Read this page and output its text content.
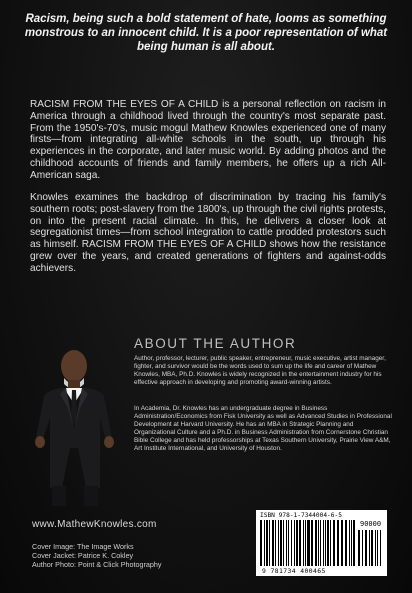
Racism, being such a bold statement of hate, looms as something monstrous to an innocent child. It is a poor representation of what being human is all about.
RACISM FROM THE EYES OF A CHILD is a personal reflection on racism in America through a childhood lived through the country's most separate past. From the 1950's-70's, music mogul Mathew Knowles experienced one of many firsts—from integrating all-white schools in the south, up through his experiences in the corporate, and later music world. By adding photos and the childhood accounts of friends and family members, he offers up a rich All-American saga.
Knowles examines the backdrop of discrimination by tracing his family's southern roots; post-slavery from the 1800's, up through the civil rights protests, on into the present racial climate. In this, he delivers a closer look at segregationist times—from school integration to cattle prodded protestors such as himself. RACISM FROM THE EYES OF A CHILD shows how the resistance grew over the years, and created generations of fighters and against-odds achievers.
ABOUT THE AUTHOR
Author, professor, lecturer, public speaker, entrepreneur, music executive, artist manager, fighter, and survivor would be the words used to sum up the life and career of Mathew Knowles, MBA, Ph.D. Knowles is widely recognized in the entertainment industry for his effective approach in developing and promoting award-winning artists.
In Academia, Dr. Knowles has an undergraduate degree in Business Administration/Economics from Fisk University as well as Advanced Studies in Professional Development at Harvard University. He has an MBA in Strategic Planning and Organizational Culture and a Ph.D. in Business Administration from Cornerstone Christian Bible College and has held professorships at Texas Southern University, Prairie View A&M, Art Institute International, and University of Houston.
www.MathewKnowles.com
Cover Image: The Image Works
Cover Jacket: Patrice K. Cokley
Author Photo: Point & Click Photography
ISBN 978-1-7344004-6-5
90000
9 781734 400465
